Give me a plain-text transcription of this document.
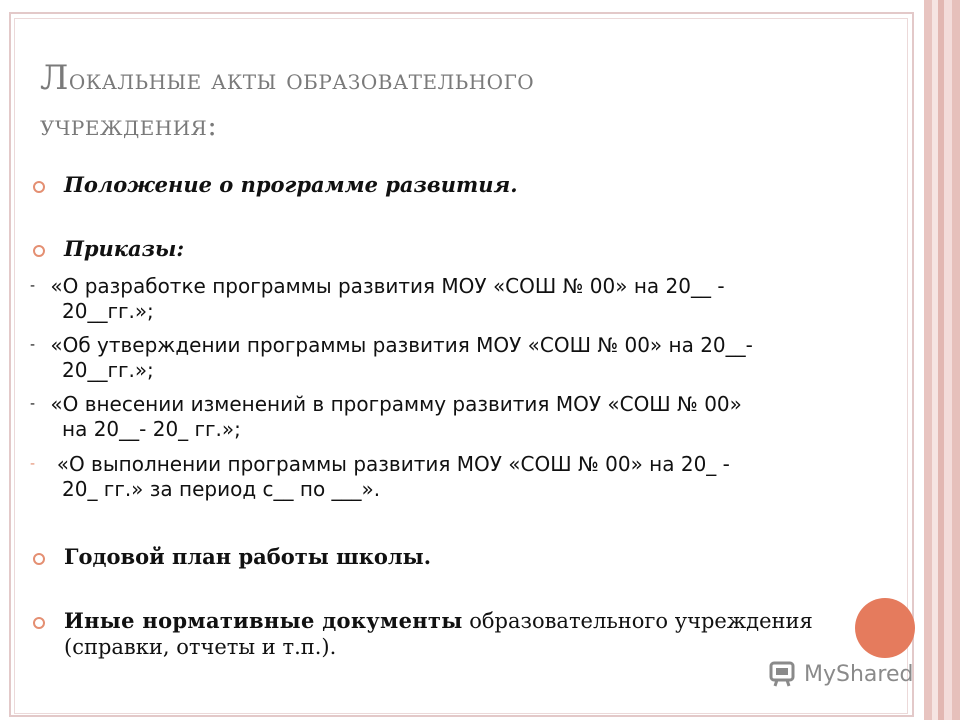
Локальные акты образовательного
учреждения:
Положение о программе развития.
Приказы:
- «О разработке программы развития МОУ «СОШ № 00» на 20__ -
20__гг.»;
- «Об утверждении программы развития МОУ «СОШ № 00» на 20__-
20__гг.»;
- «О внесении изменений в программу развития МОУ «СОШ № 00»
на 20__- 20_ гг.»;
- «О выполнении программы развития МОУ «СОШ № 00» на 20_ -
20_ гг.» за период с__ по ___».
Годовой план работы школы.
Иные нормативные документы образовательного учреждения
(справки, отчеты и т.п.).
MyShared
